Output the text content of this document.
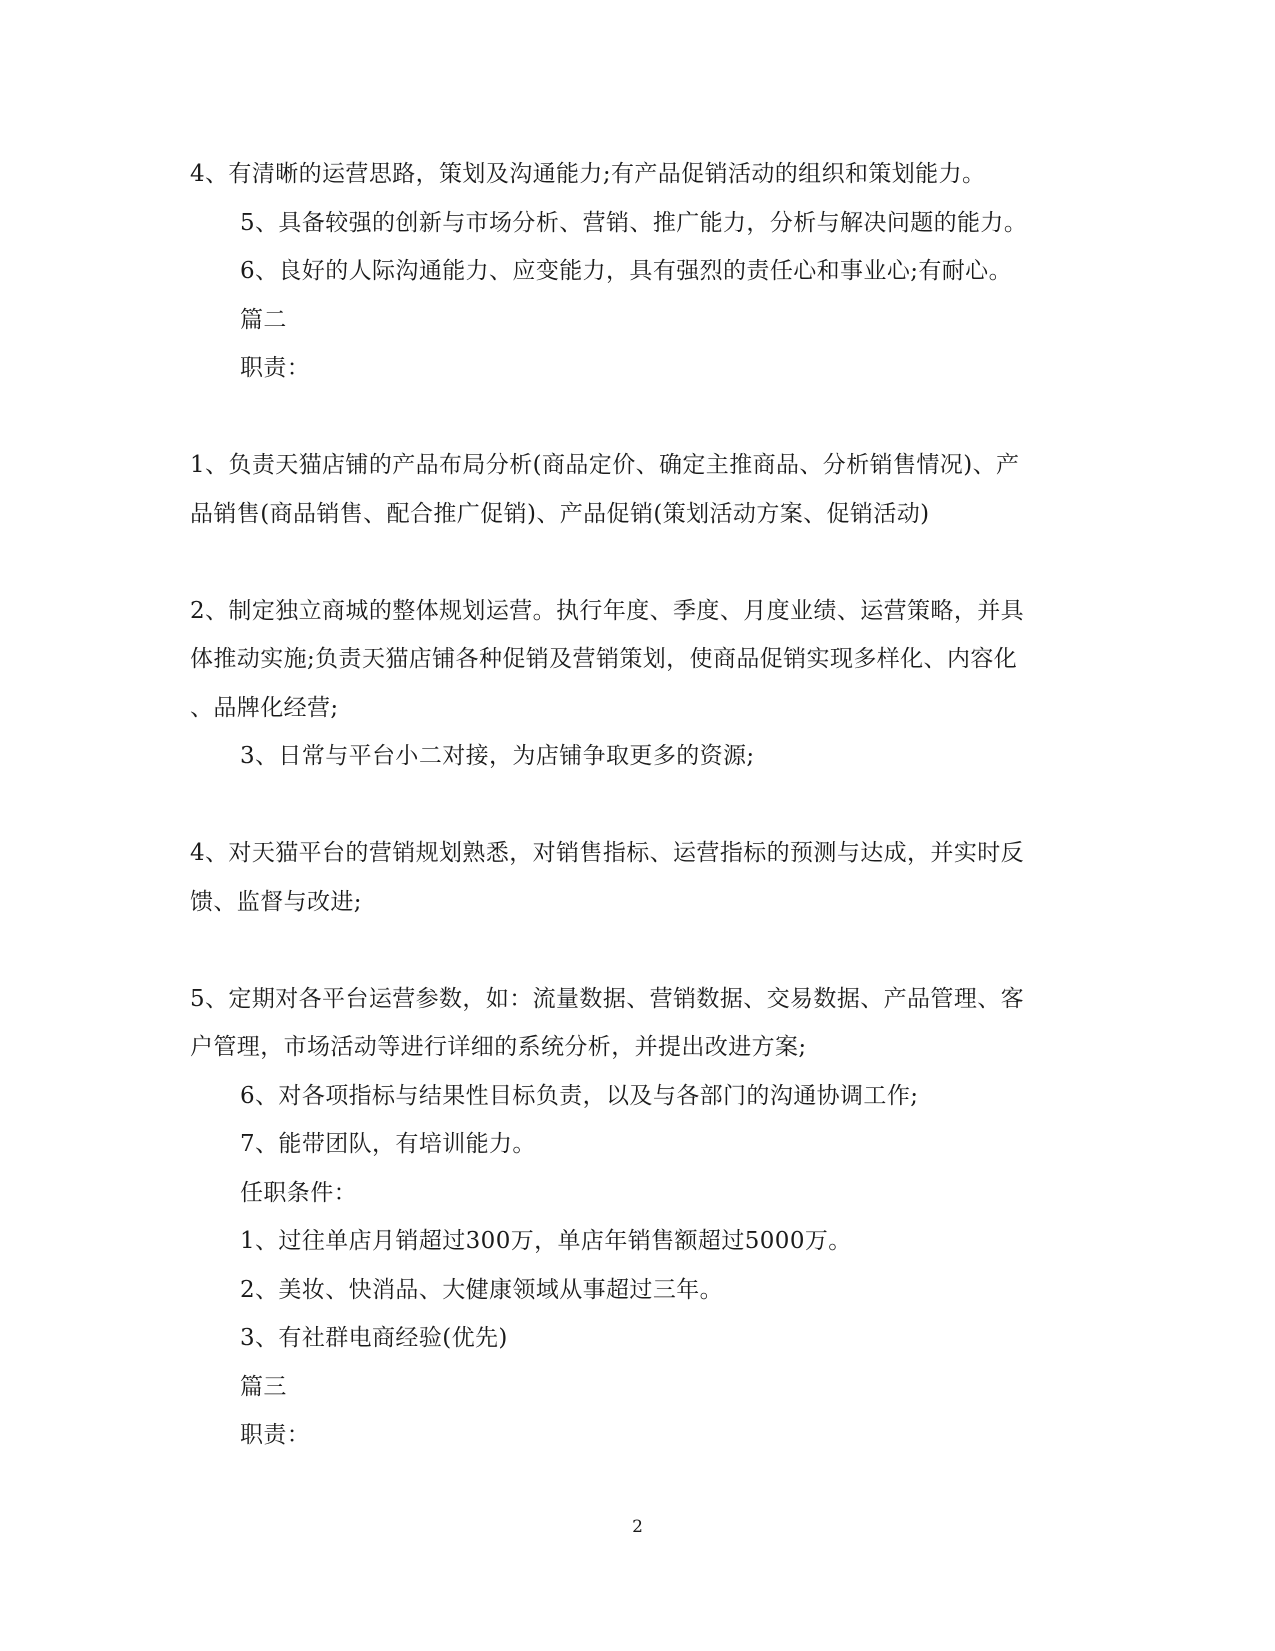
4、有清晰的运营思路，策划及沟通能力;有产品促销活动的组织和策划能力。
5、具备较强的创新与市场分析、营销、推广能力，分析与解决问题的能力。
6、良好的人际沟通能力、应变能力，具有强烈的责任心和事业心;有耐心。
篇二
职责：
1、负责天猫店铺的产品布局分析(商品定价、确定主推商品、分析销售情况)、产
品销售(商品销售、配合推广促销)、产品促销(策划活动方案、促销活动)
2、制定独立商城的整体规划运营。执行年度、季度、月度业绩、运营策略，并具
体推动实施;负责天猫店铺各种促销及营销策划，使商品促销实现多样化、内容化
、品牌化经营;
3、日常与平台小二对接，为店铺争取更多的资源;
4、对天猫平台的营销规划熟悉，对销售指标、运营指标的预测与达成，并实时反
馈、监督与改进;
5、定期对各平台运营参数，如：流量数据、营销数据、交易数据、产品管理、客
户管理，市场活动等进行详细的系统分析，并提出改进方案;
6、对各项指标与结果性目标负责，以及与各部门的沟通协调工作;
7、能带团队，有培训能力。
任职条件：
1、过往单店月销超过300万，单店年销售额超过5000万。
2、美妆、快消品、大健康领域从事超过三年。
3、有社群电商经验(优先)
篇三
职责：
2
